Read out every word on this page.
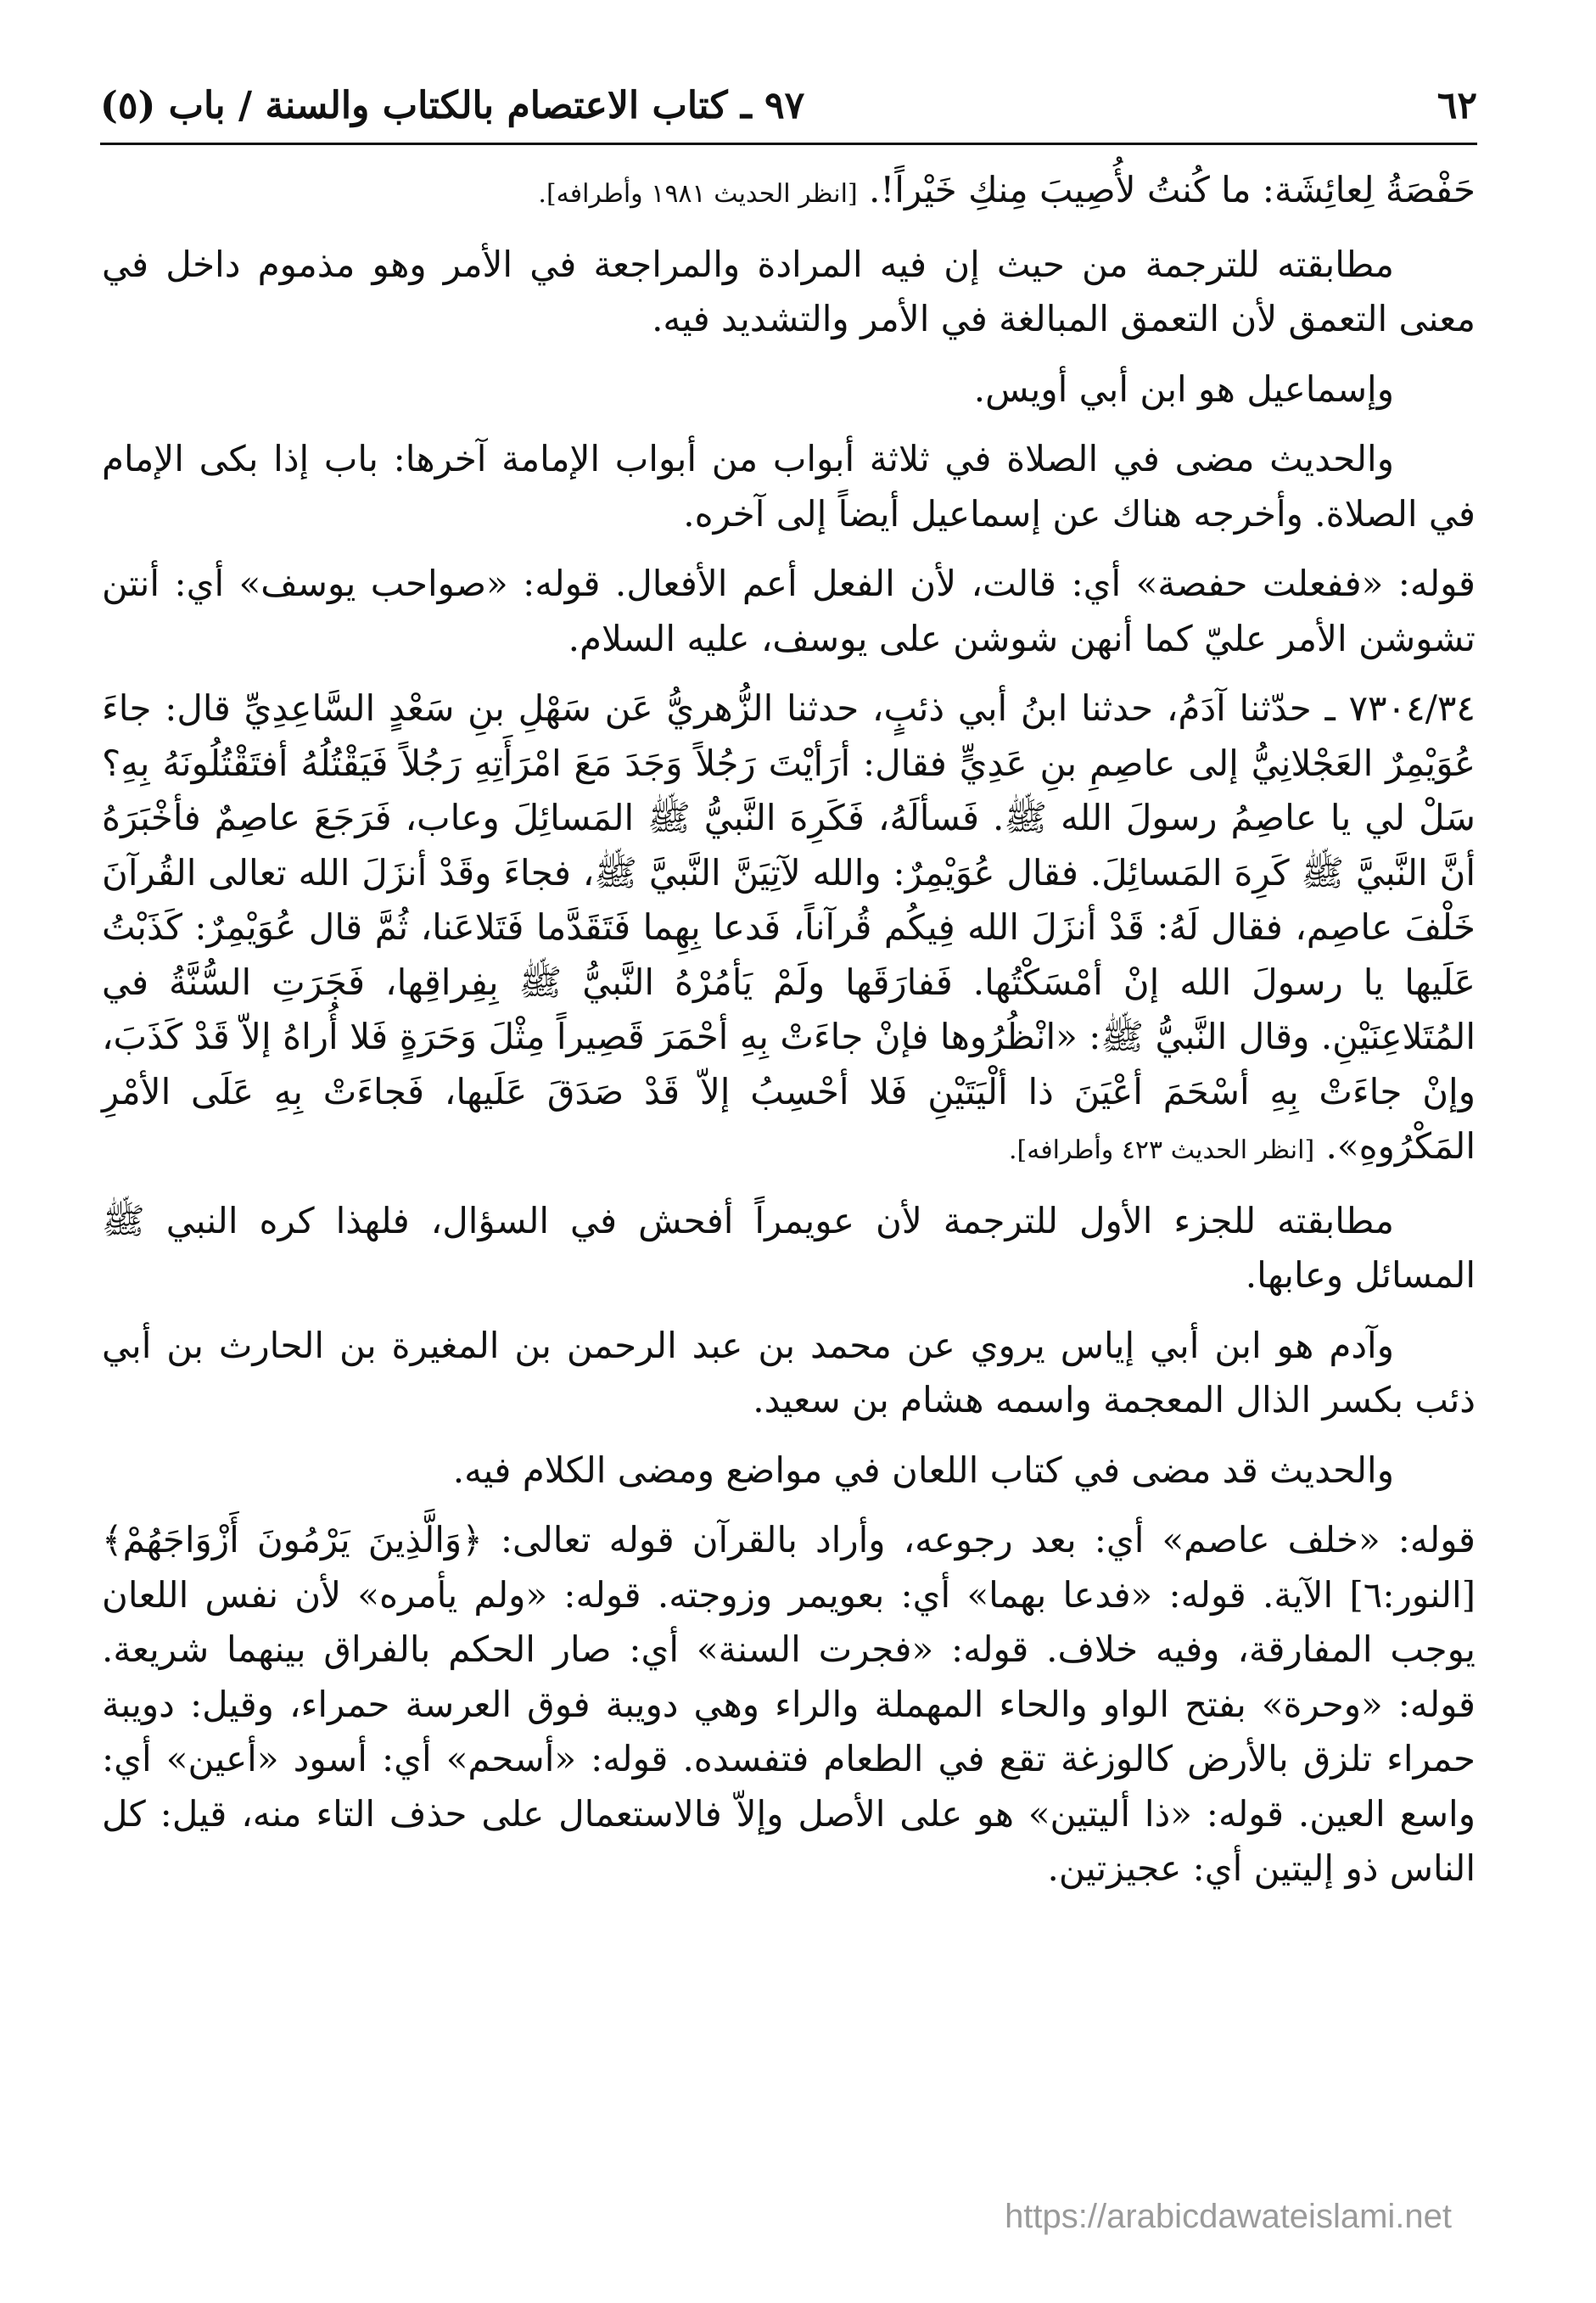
٦٢
٩٧ ـ كتاب الاعتصام بالكتاب والسنة / باب (٥)

حَفْصَةُ لِعائِشَة: ما كُنتُ لأُصِيبَ مِنكِ خَيْراً!. [انظر الحديث ١٩٨١ وأطرافه].

مطابقته للترجمة من حيث إن فيه المرادة والمراجعة في الأمر وهو مذموم داخل في معنى التعمق لأن التعمق المبالغة في الأمر والتشديد فيه.

وإسماعيل هو ابن أبي أويس.

والحديث مضى في الصلاة في ثلاثة أبواب من أبواب الإمامة آخرها: باب إذا بكى الإمام في الصلاة. وأخرجه هناك عن إسماعيل أيضاً إلى آخره.

قوله: «ففعلت حفصة» أي: قالت، لأن الفعل أعم الأفعال. قوله: «صواحب يوسف» أي: أنتن تشوشن الأمر عليّ كما أنهن شوشن على يوسف، عليه السلام.

٧٣٠٤/٣٤ ـ حدّثنا آدَمُ، حدثنا ابنُ أبي ذئبٍ، حدثنا الزُّهريُّ عَن سَهْلِ بنِ سَعْدٍ السَّاعِدِيِّ قال: جاءَ عُوَيْمِرٌ العَجْلانِيُّ إلى عاصِمِ بنِ عَدِيٍّ فقال: أرَأيْتَ رَجُلاً وَجَدَ مَعَ امْرَأَتِهِ رَجُلاً فَيَقْتُلُهُ أفتَقْتُلُونَهُ بِهِ؟ سَلْ لي يا عاصِمُ رسولَ الله ﷺ. فَسألَهُ، فَكَرِهَ النَّبيُّ ﷺ المَسائِلَ وعاب، فَرَجَعَ عاصِمٌ فأخْبَرَهُ أنَّ النَّبيَّ ﷺ كَرِهَ المَسائِلَ. فقال عُوَيْمِرٌ: والله لآتِيَنَّ النَّبيَّ ﷺ، فجاءَ وقَدْ أنزَلَ الله تعالى القُرآنَ خَلْفَ عاصِم، فقال لَهُ: قَدْ أنزَلَ الله فِيكُم قُرآناً، فَدعا بِهِما فَتَقَدَّما فَتَلاعَنا، ثُمَّ قال عُوَيْمِرٌ: كَذَبْتُ عَلَيها يا رسولَ الله إنْ أمْسَكْتُها. فَفارَقَها ولَمْ يَأمُرْهُ النَّبيُّ ﷺ بِفِراقِها، فَجَرَتِ السُّنَّةُ في المُتَلاعِنَيْنِ. وقال النَّبيُّ ﷺ: «انْظُرُوها فإنْ جاءَتْ بِهِ أحْمَرَ قَصِيراً مِثْلَ وَحَرَةٍ فَلا أُراهُ إلاّ قَدْ كَذَبَ، وإنْ جاءَتْ بِهِ أسْحَمَ أعْيَنَ ذا ألْيَتَيْنِ فَلا أحْسِبُ إلاّ قَدْ صَدَقَ عَلَيها، فَجاءَتْ بِهِ عَلَى الأمْرِ المَكْرُوهِ». [انظر الحديث ٤٢٣ وأطرافه].

مطابقته للجزء الأول للترجمة لأن عويمراً أفحش في السؤال، فلهذا كره النبي ﷺ المسائل وعابها.

وآدم هو ابن أبي إياس يروي عن محمد بن عبد الرحمن بن المغيرة بن الحارث بن أبي ذئب بكسر الذال المعجمة واسمه هشام بن سعيد.

والحديث قد مضى في كتاب اللعان في مواضع ومضى الكلام فيه.

قوله: «خلف عاصم» أي: بعد رجوعه، وأراد بالقرآن قوله تعالى: ﴿وَالَّذِينَ يَرْمُونَ أَزْوَاجَهُمْ﴾ [النور:٦] الآية. قوله: «فدعا بهما» أي: بعويمر وزوجته. قوله: «ولم يأمره» لأن نفس اللعان يوجب المفارقة، وفيه خلاف. قوله: «فجرت السنة» أي: صار الحكم بالفراق بينهما شريعة. قوله: «وحرة» بفتح الواو والحاء المهملة والراء وهي دويبة فوق العرسة حمراء، وقيل: دويبة حمراء تلزق بالأرض كالوزغة تقع في الطعام فتفسده. قوله: «أسحم» أي: أسود «أعين» أي: واسع العين. قوله: «ذا أليتين» هو على الأصل وإلاّ فالاستعمال على حذف التاء منه، قيل: كل الناس ذو إليتين أي: عجيزتين.

https://arabicdawateislami.net
